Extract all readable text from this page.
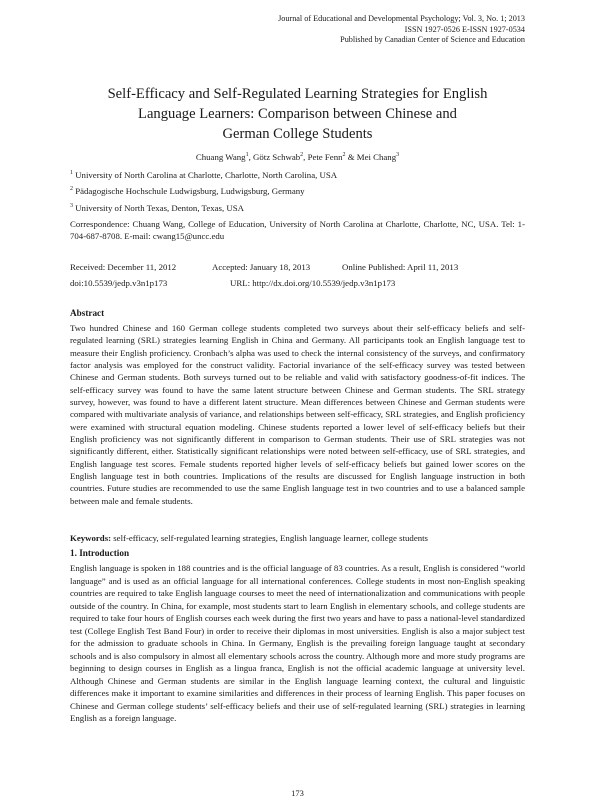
Journal of Educational and Developmental Psychology; Vol. 3, No. 1; 2013
ISSN 1927-0526 E-ISSN 1927-0534
Published by Canadian Center of Science and Education
Self-Efficacy and Self-Regulated Learning Strategies for English
Language Learners: Comparison between Chinese and
German College Students
Chuang Wang$^1$, Götz Schwab$^2$, Pete Fenn$^2$ & Mei Chang$^3$
$^1$ University of North Carolina at Charlotte, Charlotte, North Carolina, USA
$^2$ Pädagogische Hochschule Ludwigsburg, Ludwigsburg, Germany
$^3$ University of North Texas, Denton, Texas, USA
Correspondence: Chuang Wang, College of Education, University of North Carolina at Charlotte, Charlotte, NC, USA. Tel: 1-704-687-8708. E-mail: cwang15@uncc.edu
Received: December 11, 2012	Accepted: January 18, 2013	Online Published: April 11, 2013
doi:10.5539/jedp.v3n1p173	URL: http://dx.doi.org/10.5539/jedp.v3n1p173
Abstract
Two hundred Chinese and 160 German college students completed two surveys about their self-efficacy beliefs and self-regulated learning (SRL) strategies learning English in China and Germany. All participants took an English language test to measure their English proficiency. Cronbach’s alpha was used to check the internal consistency of the surveys, and confirmatory factor analysis was employed for the construct validity. Factorial invariance of the self-efficacy survey was tested between Chinese and German students. Both surveys turned out to be reliable and valid with satisfactory goodness-of-fit indices. The self-efficacy survey was found to have the same latent structure between Chinese and German students. The SRL strategy survey, however, was found to have a different latent structure. Mean differences between Chinese and German students were compared with multivariate analysis of variance, and relationships between self-efficacy, SRL strategies, and English proficiency were examined with structural equation modeling. Chinese students reported a lower level of self-efficacy beliefs but their English proficiency was not significantly different in comparison to German students. Their use of SRL strategies was not significantly different, either. Statistically significant relationships were noted between self-efficacy, use of SRL strategies, and English language test scores. Female students reported higher levels of self-efficacy beliefs but gained lower scores on the English language test in both countries. Implications of the results are discussed for English language instruction in both countries. Future studies are recommended to use the same English language test in two countries and to use a balanced sample between male and female students.
Keywords: self-efficacy, self-regulated learning strategies, English language learner, college students
1. Introduction
English language is spoken in 188 countries and is the official language of 83 countries. As a result, English is considered “world language” and is used as an official language for all international conferences. College students in most non-English speaking countries are required to take English language courses to meet the need of internationalization and communications with people outside of the country. In China, for example, most students start to learn English in elementary schools, and college students are required to take four hours of English courses each week during the first two years and have to pass a national-level standardized test (College English Test Band Four) in order to receive their diplomas in most universities. English is also a major subject test for the admission to graduate schools in China. In Germany, English is the prevailing foreign language taught at secondary schools and is also compulsory in almost all elementary schools across the country. Although more and more study programs are beginning to design courses in English as a lingua franca, English is not the official academic language at university level. Although Chinese and German students are similar in the English language learning context, the cultural and linguistic differences make it important to examine similarities and differences in their process of learning English. This paper focuses on Chinese and German college students’ self-efficacy beliefs and their use of self-regulated learning (SRL) strategies in learning English as a foreign language.
173
